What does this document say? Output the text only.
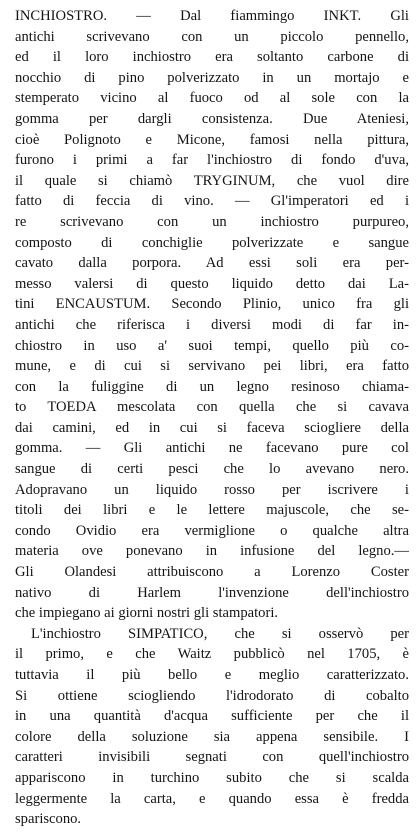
INCHIOSTRO. — Dal fiammingo INKT. Gli
antichi scrivevano con un piccolo pennello,
ed il loro inchiostro era soltanto carbone di
nocchio di pino polverizzato in un mortajo e
stemperato vicino al fuoco od al sole con la
gomma per dargli consistenza. Due Ateniesi,
cioè Polignoto e Micone, famosi nella pittura,
furono i primi a far l'inchiostro di fondo d'uva,
il quale si chiamò TRYGINUM, che vuol dire
fatto di feccia di vino. — Gl'imperatori ed i
re scrivevano con un inchiostro purpureo,
composto di conchiglie polverizzate e sangue
cavato dalla porpora. Ad essi soli era per-
messo valersi di questo liquido detto dai La-
tini ENCAUSTUM. Secondo Plinio, unico fra gli
antichi che riferisca i diversi modi di far in-
chiostro in uso a' suoi tempi, quello più co-
mune, e di cui si servivano pei libri, era fatto
con la fuliggine di un legno resinoso chiama-
to TOEDA mescolata con quella che si cavava
dai camini, ed in cui si faceva sciogliere della
gomma. — Gli antichi ne facevano pure col
sangue di certi pesci che lo avevano nero.
Adopravano un liquido rosso per iscrivere i
titoli dei libri e le lettere majuscole, che se-
condo Ovidio era vermiglione o qualche altra
materia ove ponevano in infusione del legno.—
Gli Olandesi attribuiscono a Lorenzo Coster
nativo di Harlem l'invenzione dell'inchiostro
che impiegano ai giorni nostri gli stampatori.
L'inchiostro SIMPATICO, che si osservò per
il primo, e che Waitz pubblicò nel 1705, è
tuttavia il più bello e meglio caratterizzato.
Si ottiene sciogliendo l'idrodorato di cobalto
in una quantità d'acqua sufficiente per che il
colore della soluzione sia appena sensibile. I
caratteri invisibili segnati con quell'inchiostro
appariscono in turchino subito che si scalda
leggermente la carta, e quando essa è fredda
spariscono.
